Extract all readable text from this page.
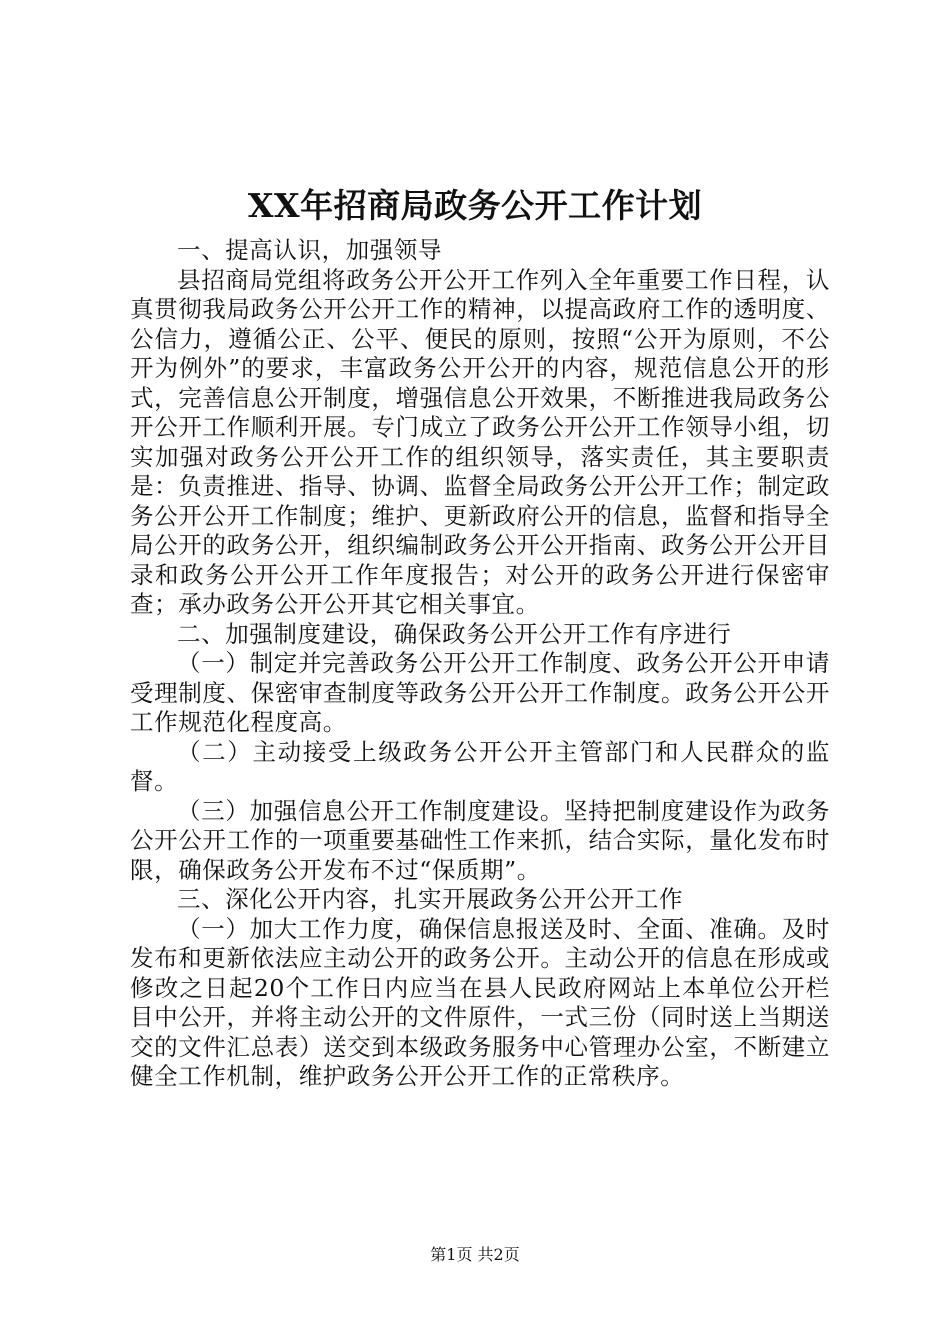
XX年招商局政务公开工作计划

一、提高认识，加强领导

县招商局党组将政务公开公开工作列入全年重要工作日程，认真贯彻我局政务公开公开工作的精神，以提高政府工作的透明度、公信力，遵循公正、公平、便民的原则，按照“公开为原则，不公开为例外”的要求，丰富政务公开公开的内容，规范信息公开的形式，完善信息公开制度，增强信息公开效果，不断推进我局政务公开公开工作顺利开展。专门成立了政务公开公开工作领导小组，切实加强对政务公开公开工作的组织领导，落实责任，其主要职责是：负责推进、指导、协调、监督全局政务公开公开工作；制定政务公开公开工作制度；维护、更新政府公开的信息，监督和指导全局公开的政务公开，组织编制政务公开公开指南、政务公开公开目录和政务公开公开工作年度报告；对公开的政务公开进行保密审查；承办政务公开公开其它相关事宜。

二、加强制度建设，确保政务公开公开工作有序进行

（一）制定并完善政务公开公开工作制度、政务公开公开申请受理制度、保密审查制度等政务公开公开工作制度。政务公开公开工作规范化程度高。

（二）主动接受上级政务公开公开主管部门和人民群众的监督。

（三）加强信息公开工作制度建设。坚持把制度建设作为政务公开公开工作的一项重要基础性工作来抓，结合实际，量化发布时限，确保政务公开发布不过“保质期”。

三、深化公开内容，扎实开展政务公开公开工作

（一）加大工作力度，确保信息报送及时、全面、准确。及时发布和更新依法应主动公开的政务公开。主动公开的信息在形成或修改之日起20个工作日内应当在县人民政府网站上本单位公开栏目中公开，并将主动公开的文件原件，一式三份（同时送上当期送交的文件汇总表）送交到本级政务服务中心管理办公室，不断建立健全工作机制，维护政务公开公开工作的正常秩序。

第1页 共2页
